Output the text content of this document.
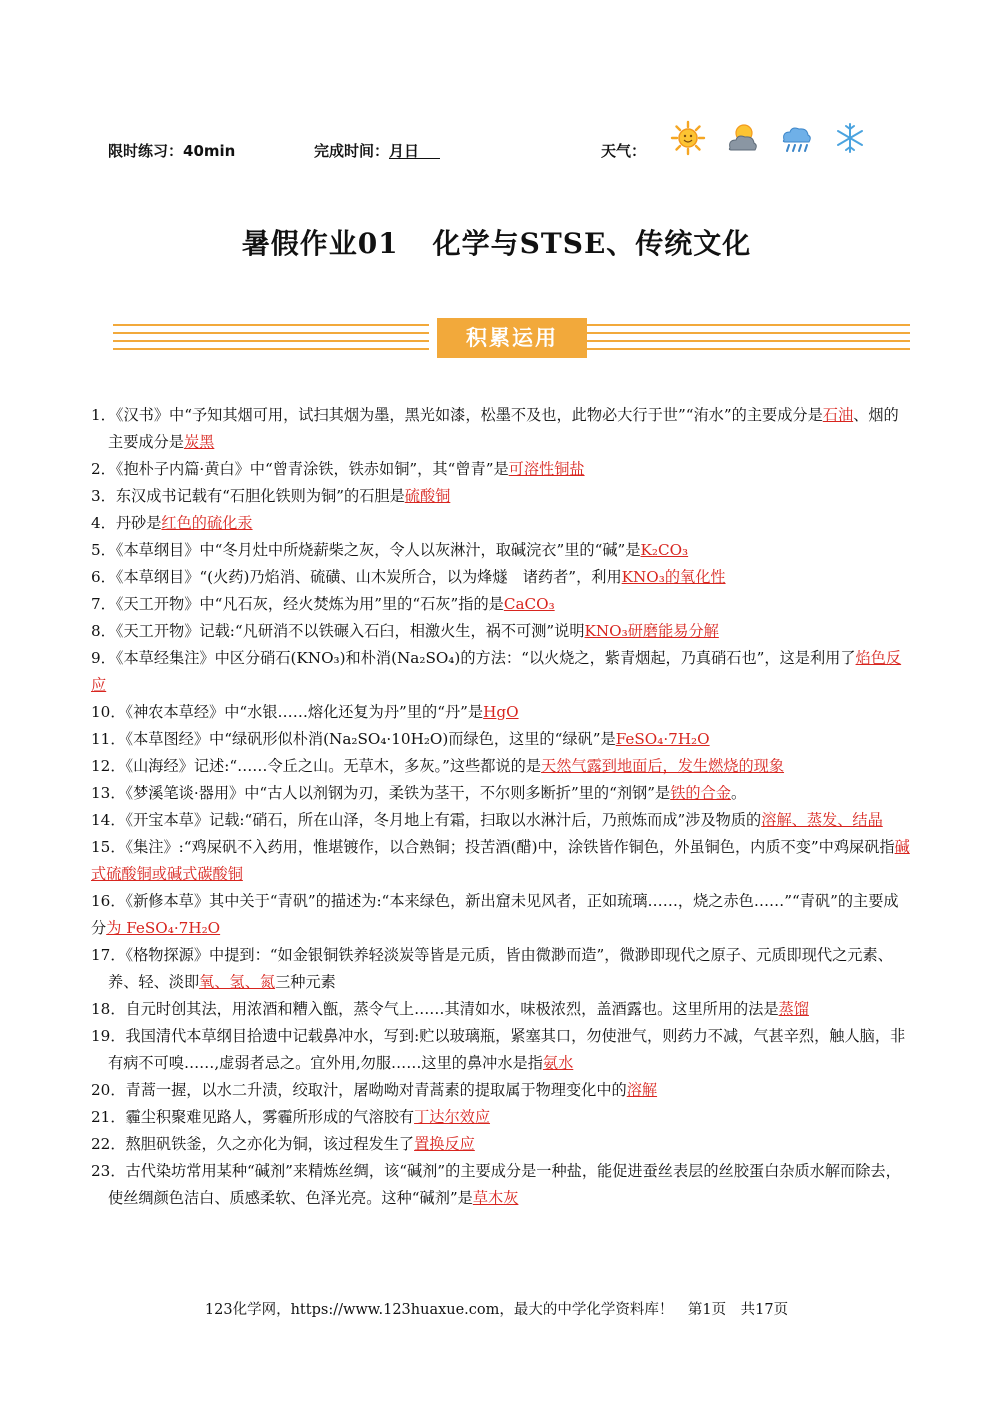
限时练习：40min	完成时间：
月
日	天气：
暑假作业01 化学与STSE、传统文化
积累运用
1．《汉书》中“予知其烟可用，试扫其烟为墨，黑光如漆，松墨不及也，此物必大行于世”“洧水”的主要成分是石油、烟的主要成分是炭黑
2．《抱朴子内篇·黄白》中“曾青涂铁，铁赤如铜”，其“曾青”是可溶性铜盐
3．东汉成书记载有“石胆化铁则为铜”的石胆是硫酸铜
4．丹砂是红色的硫化汞
5．《本草纲目》中“冬月灶中所烧薪柴之灰，令人以灰淋汁，取碱浣衣”里的“碱”是K₂CO₃
6．《本草纲目》“(火药)乃焰消、硫磺、山木炭所合，以为烽燧　诸药者”，利用KNO₃的氧化性
7．《天工开物》中“凡石灰，经火焚炼为用”里的“石灰”指的是CaCO₃
8．《天工开物》记载:“凡研消不以铁碾入石臼，相激火生，祸不可测”说明KNO₃研磨能易分解
9．《本草经集注》中区分硝石(KNO₃)和朴消(Na₂SO₄)的方法：“以火烧之，紫青烟起，乃真硝石也”，这是利用了焰色反应
10．《神农本草经》中“水银……熔化还复为丹”里的“丹”是HgO
11．《本草图经》中“绿矾形似朴消(Na₂SO₄·10H₂O)而绿色，这里的“绿矾”是FeSO₄·7H₂O
12．《山海经》记述:“……令丘之山。无草木，多灰。”这些都说的是天然气露到地面后，发生燃烧的现象
13．《梦溪笔谈·器用》中“古人以剂钢为刃，柔铁为茎干，不尔则多断折”里的“剂钢”是铁的合金。
14．《开宝本草》记载:“硝石，所在山泽，冬月地上有霜，扫取以水淋汁后，乃煎炼而成”涉及物质的溶解、蒸发、结晶
15．《集注》:“鸡屎矾不入药用，惟堪镀作，以合熟铜；投苦酒(醋)中，涂铁皆作铜色，外虽铜色，内质不变”中鸡屎矾指碱式硫酸铜或碱式碳酸铜
16．《新修本草》其中关于“青矾”的描述为:“本来绿色，新出窟未见风者，正如琉璃……，烧之赤色……”“青矾”的主要成分为 FeSO₄·7H₂O
17．《格物探源》中提到：“如金银铜铁养轻淡炭等皆是元质，皆由微渺而造”，微渺即现代之原子、元质即现代之元素、养、轻、淡即氧、氢、氮三种元素
18．自元时创其法，用浓酒和糟入甑，蒸令气上……其清如水，味极浓烈，盖酒露也。这里所用的法是蒸馏
19．我国清代本草纲目拾遗中记载鼻冲水，写到:贮以玻璃瓶，紧塞其口，勿使泄气，则药力不减，气甚辛烈，触人脑，非有病不可嗅……,虚弱者忌之。宜外用,勿服……这里的鼻冲水是指氨水
20．青蒿一握，以水二升渍，绞取汁，屠呦呦对青蒿素的提取属于物理变化中的溶解
21．霾尘积聚难见路人，雾霾所形成的气溶胶有丁达尔效应
22．熬胆矾铁釜，久之亦化为铜，该过程发生了置换反应
23．古代染坊常用某种“碱剂”来精炼丝绸，该“碱剂”的主要成分是一种盐，能促进蚕丝表层的丝胶蛋白杂质水解而除去，使丝绸颜色洁白、质感柔软、色泽光亮。这种“碱剂”是草木灰
123化学网，https://www.123huaxue.com，最大的中学化学资料库！　第1页　共17页
